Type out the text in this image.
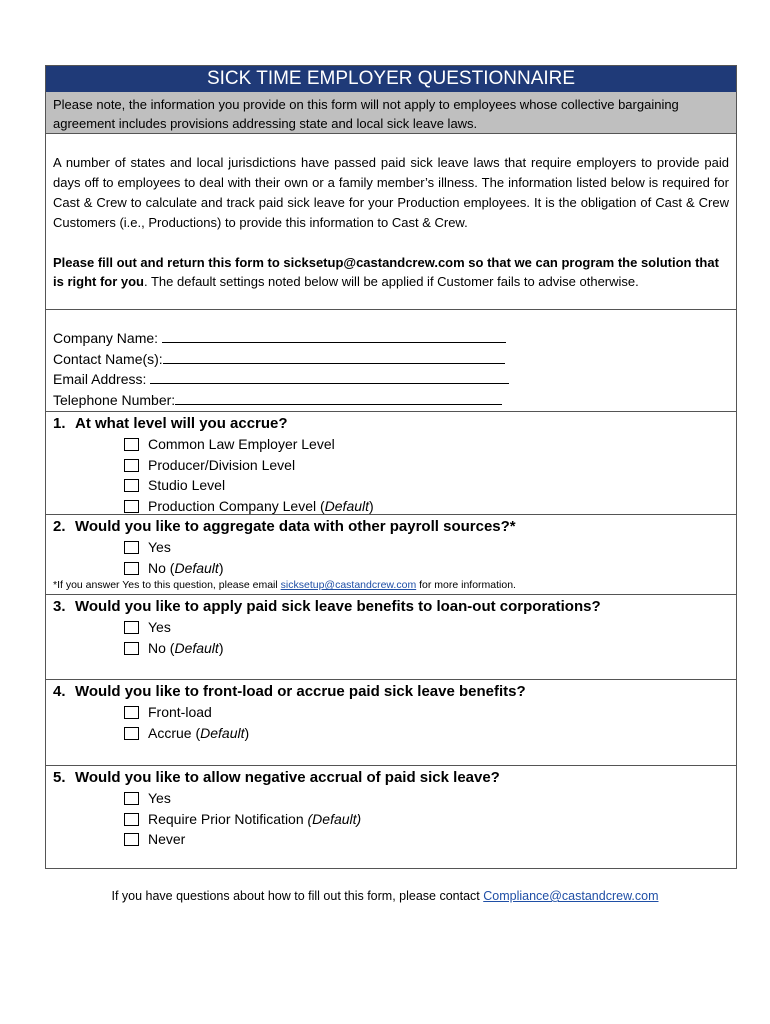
SICK TIME EMPLOYER QUESTIONNAIRE
Please note, the information you provide on this form will not apply to employees whose collective bargaining agreement includes provisions addressing state and local sick leave laws.

A number of states and local jurisdictions have passed paid sick leave laws that require employers to provide paid days off to employees to deal with their own or a family member’s illness. The information listed below is required for Cast & Crew to calculate and track paid sick leave for your Production employees. It is the obligation of Cast & Crew Customers (i.e., Productions) to provide this information to Cast & Crew.

Please fill out and return this form to sicksetup@castandcrew.com so that we can program the solution that is right for you. The default settings noted below will be applied if Customer fails to advise otherwise.

Company Name:
Contact Name(s):
Email Address:
Telephone Number:
1. At what level will you accrue?
Common Law Employer Level
Producer/Division Level
Studio Level
Production Company Level (Default)
2. Would you like to aggregate data with other payroll sources?*
Yes
No (Default)
*If you answer Yes to this question, please email sicksetup@castandcrew.com for more information.
3. Would you like to apply paid sick leave benefits to loan-out corporations?
Yes
No (Default)
4. Would you like to front-load or accrue paid sick leave benefits?
Front-load
Accrue (Default)
5. Would you like to allow negative accrual of paid sick leave?
Yes
Require Prior Notification (Default)
Never
If you have questions about how to fill out this form, please contact Compliance@castandcrew.com
